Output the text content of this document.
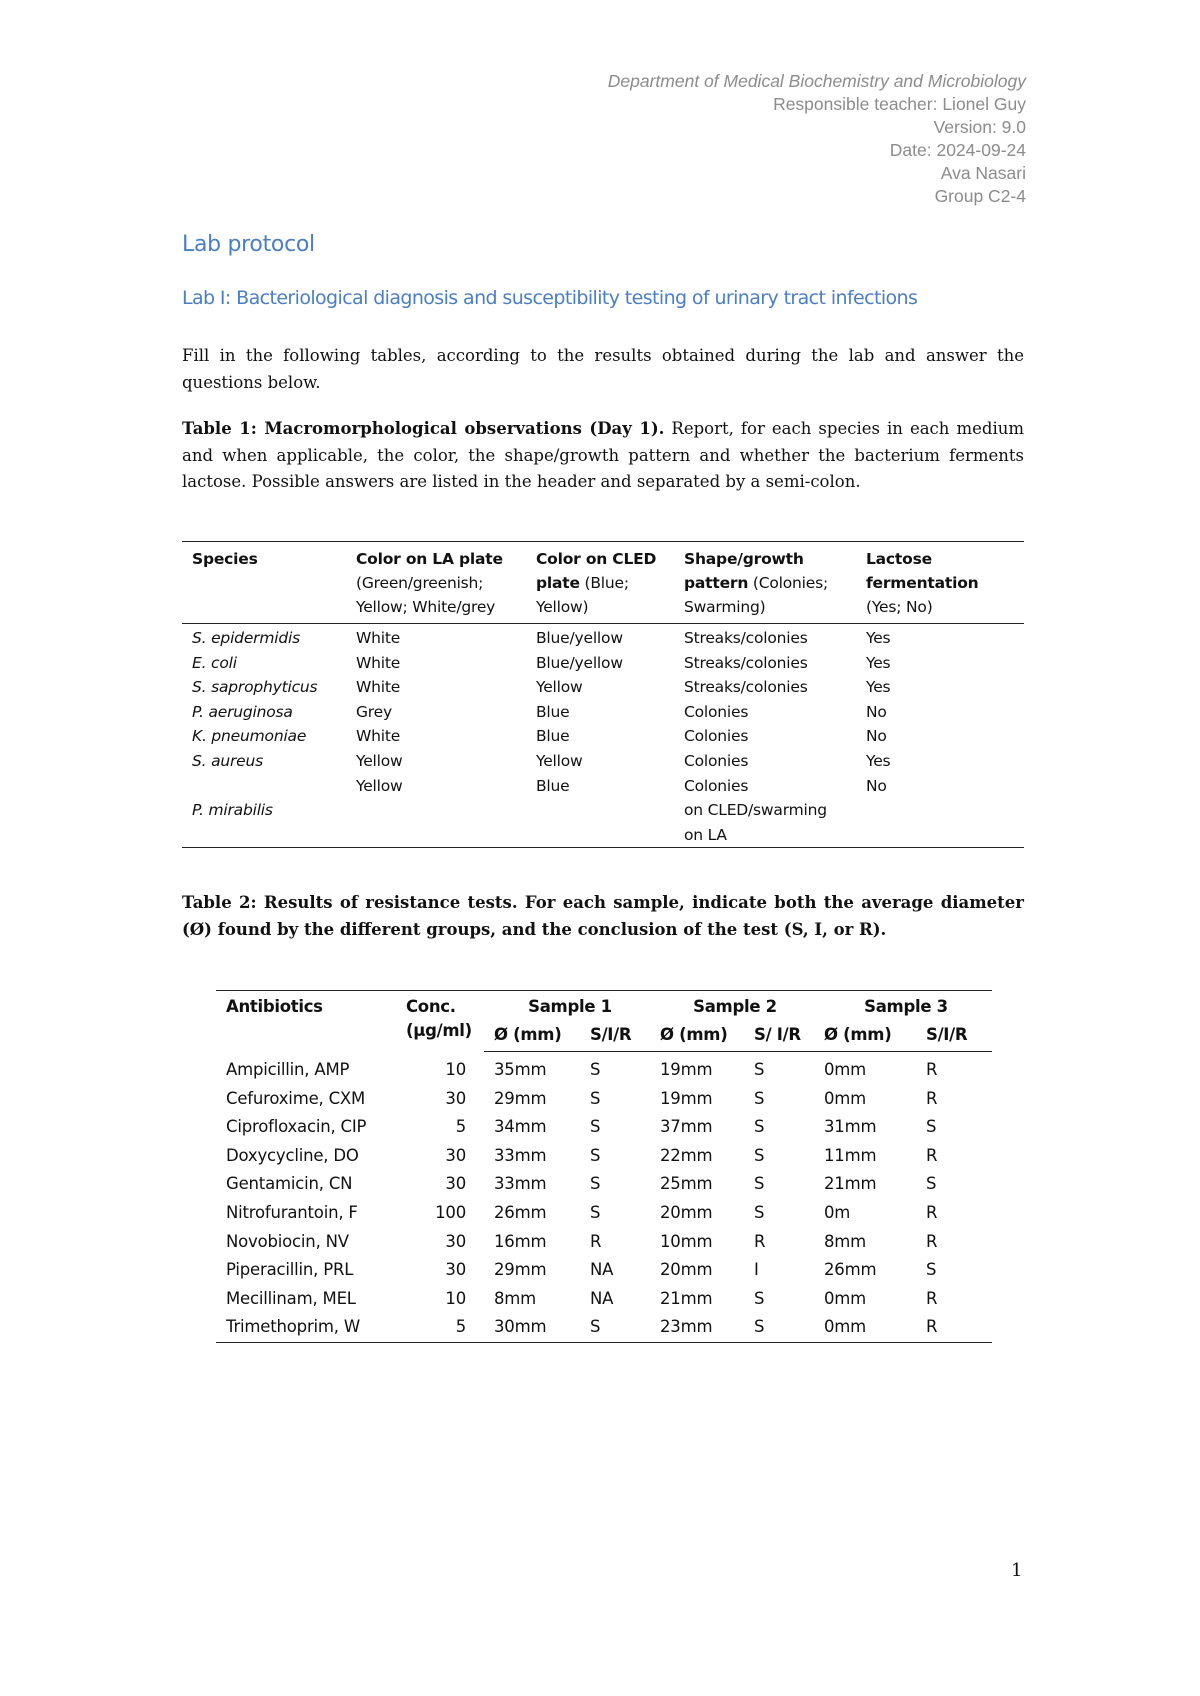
Department of Medical Biochemistry and Microbiology
Responsible teacher: Lionel Guy
Version: 9.0
Date: 2024-09-24
Ava Nasari
Group C2-4
Lab protocol
Lab I: Bacteriological diagnosis and susceptibility testing of urinary tract infections
Fill in the following tables, according to the results obtained during the lab and answer the questions below.
Table 1: Macromorphological observations (Day 1). Report, for each species in each medium and when applicable, the color, the shape/growth pattern and whether the bacterium ferments lactose. Possible answers are listed in the header and separated by a semi-colon.
Species	Color on LA plate (Green/greenish; Yellow; White/grey	Color on CLED plate (Blue; Yellow)	Shape/growth pattern (Colonies; Swarming)	Lactose fermentation (Yes; No)
S. epidermidis	White	Blue/yellow	Streaks/colonies	Yes
E. coli	White	Blue/yellow	Streaks/colonies	Yes
S. saprophyticus	White	Yellow	Streaks/colonies	Yes
P. aeruginosa	Grey	Blue	Colonies	No
K. pneumoniae	White	Blue	Colonies	No
S. aureus	Yellow	Yellow	Colonies	Yes
	Yellow	Blue	Colonies	No
P. mirabilis			on CLED/swarming	
			on LA	
Table 2: Results of resistance tests. For each sample, indicate both the average diameter (Ø) found by the different groups, and the conclusion of the test (S, I, or R).
Antibiotics	Conc. (µg/ml)	Sample 1		Sample 2		Sample 3	
		Ø (mm)	S/I/R	Ø (mm)	S/ I/R	Ø (mm)	S/I/R
Ampicillin, AMP	10	35mm	S	19mm	S	0mm	R
Cefuroxime, CXM	30	29mm	S	19mm	S	0mm	R
Ciprofloxacin, CIP	5	34mm	S	37mm	S	31mm	S
Doxycycline, DO	30	33mm	S	22mm	S	11mm	R
Gentamicin, CN	30	33mm	S	25mm	S	21mm	S
Nitrofurantoin, F	100	26mm	S	20mm	S	0m	R
Novobiocin, NV	30	16mm	R	10mm	R	8mm	R
Piperacillin, PRL	30	29mm	NA	20mm	I	26mm	S
Mecillinam, MEL	10	8mm	NA	21mm	S	0mm	R
Trimethoprim, W	5	30mm	S	23mm	S	0mm	R
1
